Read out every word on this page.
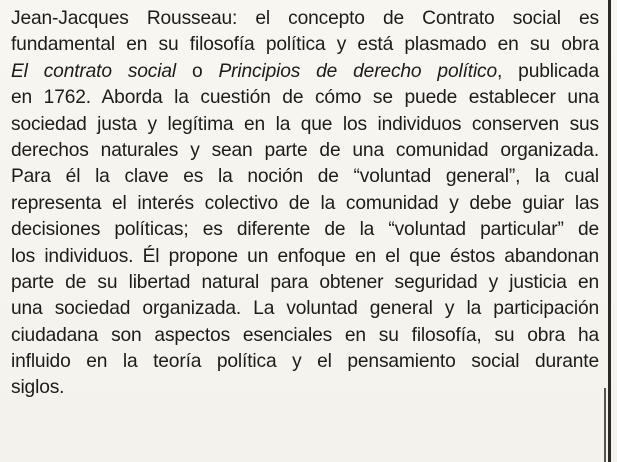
Jean-Jacques Rousseau: el concepto de Contrato social es
fundamental en su filosofía política y está plasmado en su obra
El contrato social o Principios de derecho político, publicada
en 1762. Aborda la cuestión de cómo se puede establecer una
sociedad justa y legítima en la que los individuos conserven sus
derechos naturales y sean parte de una comunidad organizada.
Para él la clave es la noción de “voluntad general”, la cual
representa el interés colectivo de la comunidad y debe guiar las
decisiones políticas; es diferente de la “voluntad particular” de
los individuos. Él propone un enfoque en el que éstos abandonan
parte de su libertad natural para obtener seguridad y justicia en
una sociedad organizada. La voluntad general y la participación
ciudadana son aspectos esenciales en su filosofía, su obra ha
influido en la teoría política y el pensamiento social durante
siglos.
